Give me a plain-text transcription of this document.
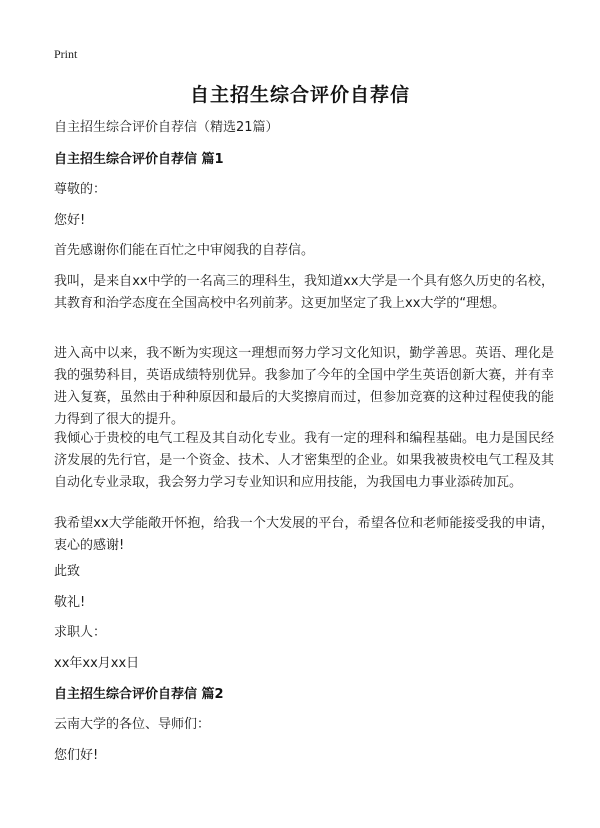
Print
自主招生综合评价自荐信

自主招生综合评价自荐信（精选21篇）

自主招生综合评价自荐信 篇1

尊敬的：

您好!

首先感谢你们能在百忙之中审阅我的自荐信。

我叫，是来自xx中学的一名高三的理科生，我知道xx大学是一个具有悠久历史的名校，其教育和治学态度在全国高校中名列前茅。这更加坚定了我上xx大学的“理想。

进入高中以来，我不断为实现这一理想而努力学习文化知识，勤学善思。英语、理化是我的强势科目，英语成绩特别优异。我参加了今年的全国中学生英语创新大赛，并有幸进入复赛，虽然由于种种原因和最后的大奖擦肩而过，但参加竞赛的这种过程使我的能力得到了很大的提升。

我倾心于贵校的电气工程及其自动化专业。我有一定的理科和编程基础。电力是国民经济发展的先行官，是一个资金、技术、人才密集型的企业。如果我被贵校电气工程及其自动化专业录取，我会努力学习专业知识和应用技能，为我国电力事业添砖加瓦。

我希望xx大学能敞开怀抱，给我一个大发展的平台，希望各位和老师能接受我的申请，衷心的感谢!

此致

敬礼!

求职人：

xx年xx月xx日

自主招生综合评价自荐信 篇2

云南大学的各位、导师们：

您们好!
